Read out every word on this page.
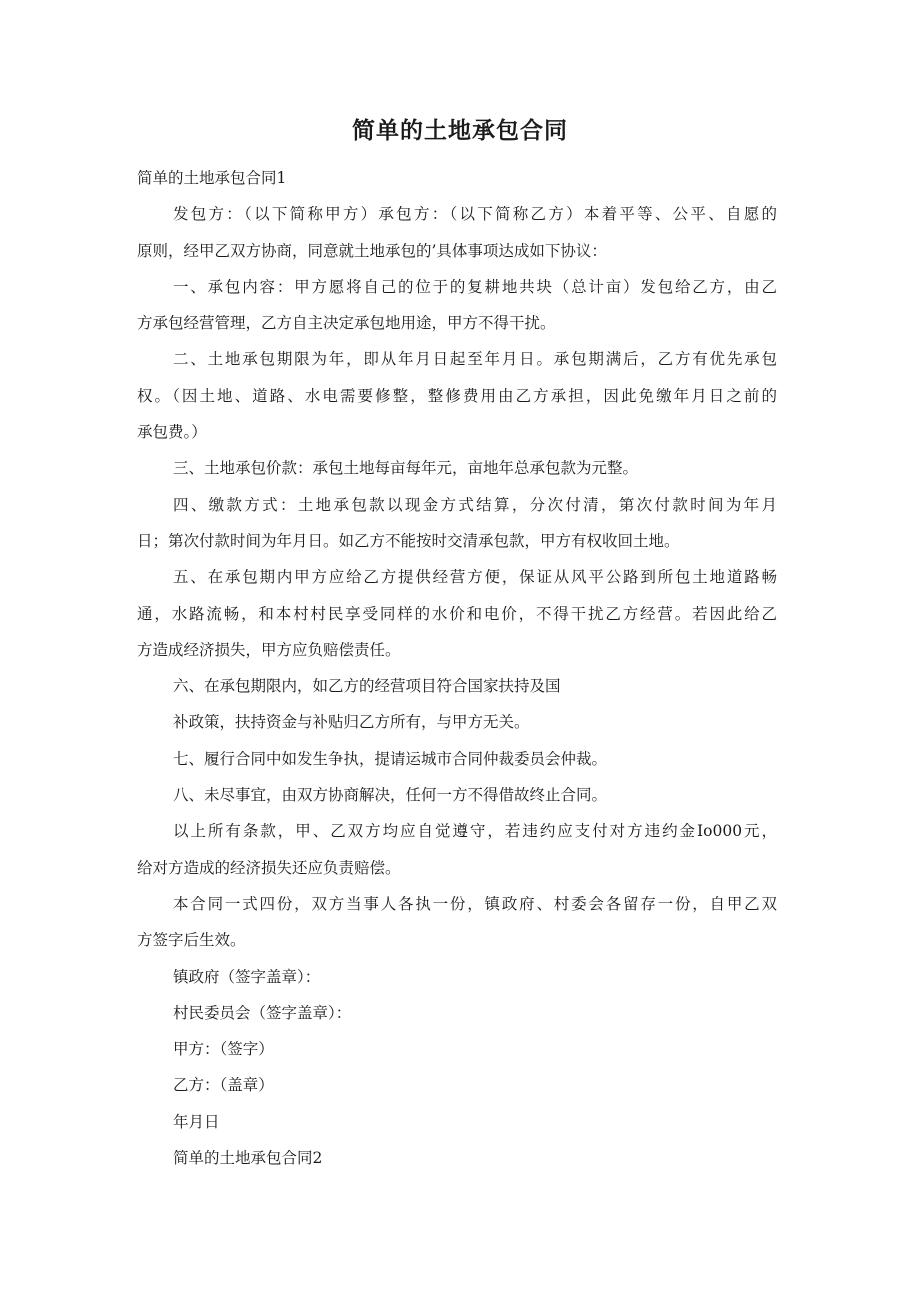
简单的土地承包合同

简单的土地承包合同1

发包方：（以下简称甲方）承包方：（以下简称乙方）本着平等、公平、自愿的

原则，经甲乙双方协商，同意就土地承包的’具体事项达成如下协议：

一、承包内容：甲方愿将自己的位于的复耕地共块（总计亩）发包给乙方，由乙

方承包经营管理，乙方自主决定承包地用途，甲方不得干扰。

二、土地承包期限为年，即从年月日起至年月日。承包期满后，乙方有优先承包

权。（因土地、道路、水电需要修整，整修费用由乙方承担，因此免缴年月日之前的

承包费。）

三、土地承包价款：承包土地每亩每年元，亩地年总承包款为元整。

四、缴款方式：土地承包款以现金方式结算，分次付清，第次付款时间为年月

日；第次付款时间为年月日。如乙方不能按时交清承包款，甲方有权收回土地。

五、在承包期内甲方应给乙方提供经营方便，保证从风平公路到所包土地道路畅

通，水路流畅，和本村村民享受同样的水价和电价，不得干扰乙方经营。若因此给乙

方造成经济损失，甲方应负赔偿责任。

六、在承包期限内，如乙方的经营项目符合国家扶持及国

补政策，扶持资金与补贴归乙方所有，与甲方无关。

七、履行合同中如发生争执，提请运城市合同仲裁委员会仲裁。

八、未尽事宜，由双方协商解决，任何一方不得借故终止合同。

以上所有条款，甲、乙双方均应自觉遵守，若违约应支付对方违约金Io000元，

给对方造成的经济损失还应负责赔偿。

本合同一式四份，双方当事人各执一份，镇政府、村委会各留存一份，自甲乙双

方签字后生效。

镇政府（签字盖章）：

村民委员会（签字盖章）：

甲方：（签字）

乙方：（盖章）

年月日

简单的土地承包合同2
